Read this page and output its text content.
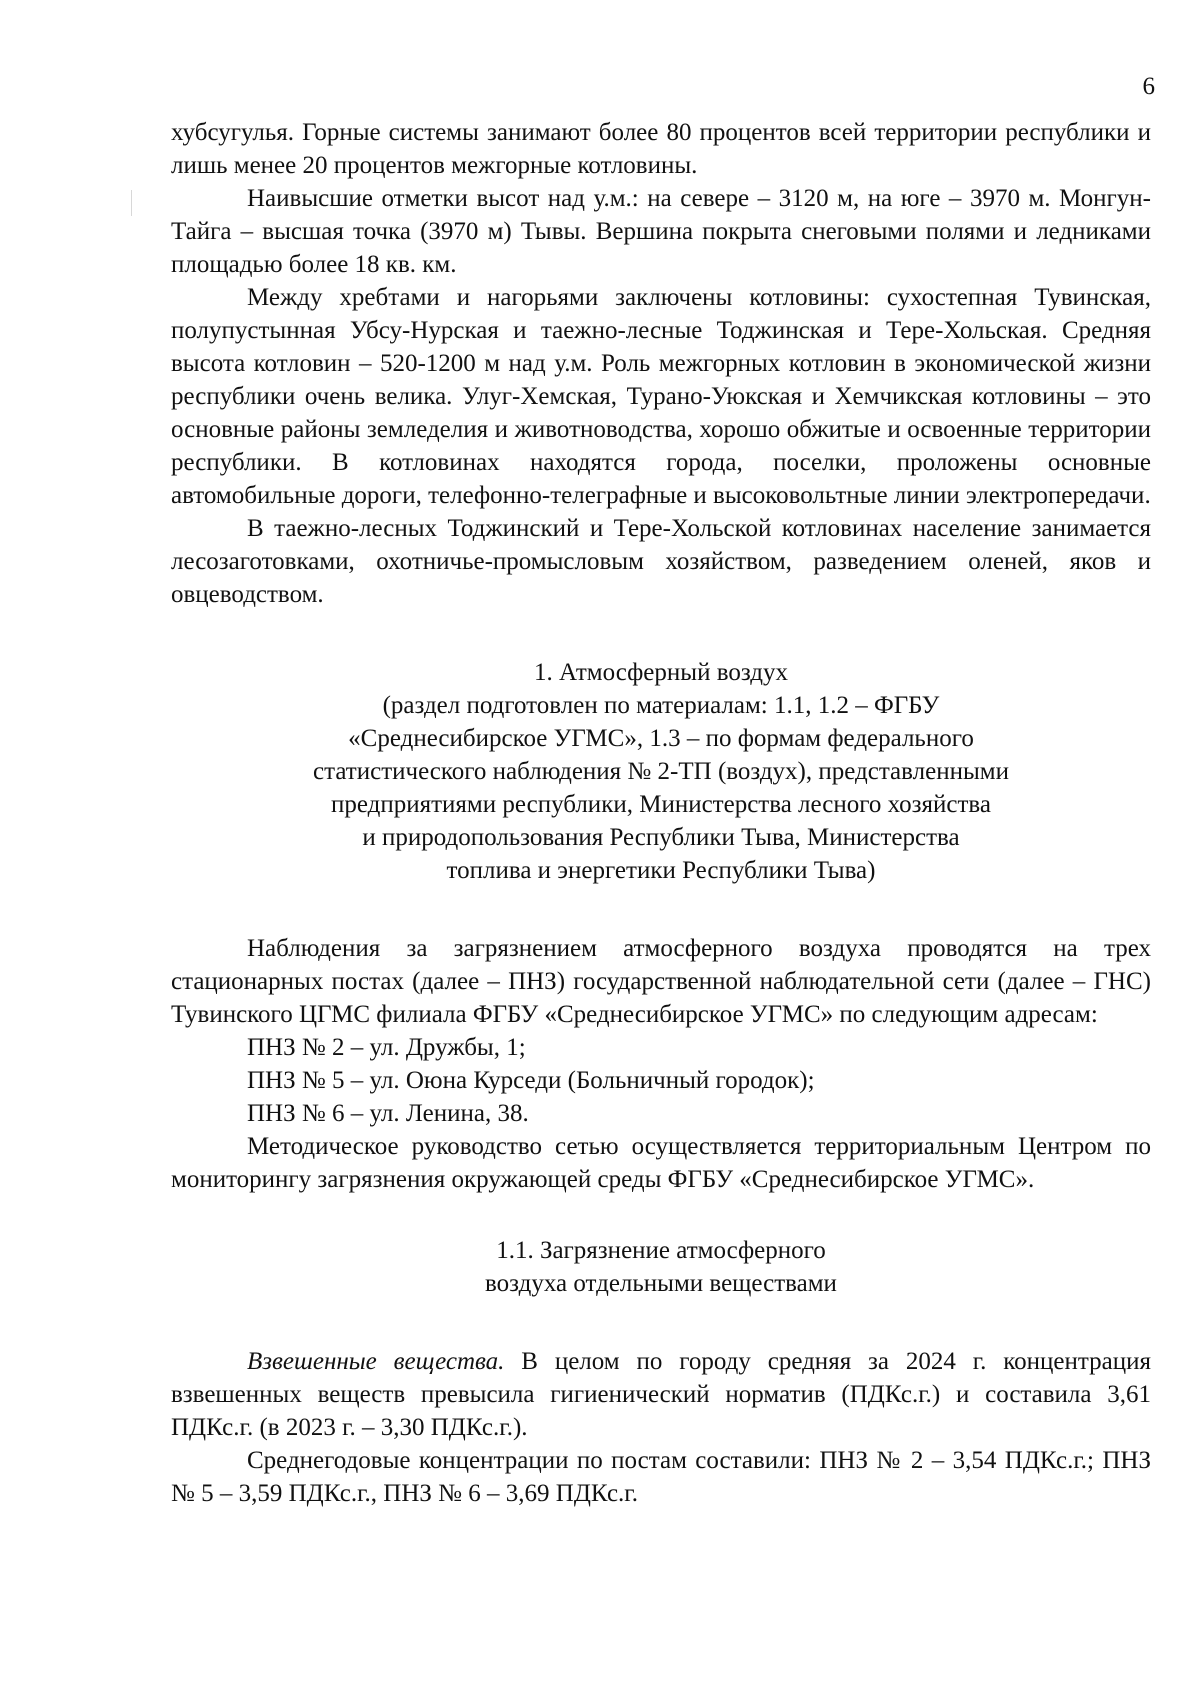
6

хубсугулья. Горные системы занимают более 80 процентов всей территории республики и лишь менее 20 процентов межгорные котловины.

Наивысшие отметки высот над у.м.: на севере – 3120 м, на юге – 3970 м. Монгун-Тайга – высшая точка (3970 м) Тывы. Вершина покрыта снеговыми полями и ледниками площадью более 18 кв. км.

Между хребтами и нагорьями заключены котловины: сухостепная Тувинская, полупустынная Убсу-Нурская и таежно-лесные Тоджинская и Тере-Хольская. Средняя высота котловин – 520-1200 м над у.м. Роль межгорных котловин в экономической жизни республики очень велика. Улуг-Хемская, Турано-Уюкская и Хемчикская котловины – это основные районы земледелия и животноводства, хорошо обжитые и освоенные территории республики. В котловинах находятся города, поселки, проложены основные автомобильные дороги, телефонно-телеграфные и высоковольтные линии электропередачи.

В таежно-лесных Тоджинский и Тере-Хольской котловинах население занимается лесозаготовками, охотничье-промысловым хозяйством, разведением оленей, яков и овцеводством.

1. Атмосферный воздух
(раздел подготовлен по материалам: 1.1, 1.2 – ФГБУ
«Среднесибирское УГМС», 1.3 – по формам федерального
статистического наблюдения № 2-ТП (воздух), представленными
предприятиями республики, Министерства лесного хозяйства
и природопользования Республики Тыва, Министерства
топлива и энергетики Республики Тыва)

Наблюдения за загрязнением атмосферного воздуха проводятся на трех стационарных постах (далее – ПНЗ) государственной наблюдательной сети (далее – ГНС) Тувинского ЦГМС филиала ФГБУ «Среднесибирское УГМС» по следующим адресам:

ПНЗ № 2 – ул. Дружбы, 1;

ПНЗ № 5 – ул. Оюна Курседи (Больничный городок);

ПНЗ № 6 – ул. Ленина, 38.

Методическое руководство сетью осуществляется территориальным Центром по мониторингу загрязнения окружающей среды ФГБУ «Среднесибирское УГМС».

1.1. Загрязнение атмосферного
воздуха отдельными веществами

Взвешенные вещества. В целом по городу средняя за 2024 г. концентрация взвешенных веществ превысила гигиенический норматив (ПДКс.г.) и составила 3,61 ПДКс.г. (в 2023 г. – 3,30 ПДКс.г.).

Среднегодовые концентрации по постам составили: ПНЗ № 2 – 3,54 ПДКс.г.; ПНЗ № 5 – 3,59 ПДКс.г., ПНЗ № 6 – 3,69 ПДКс.г.
